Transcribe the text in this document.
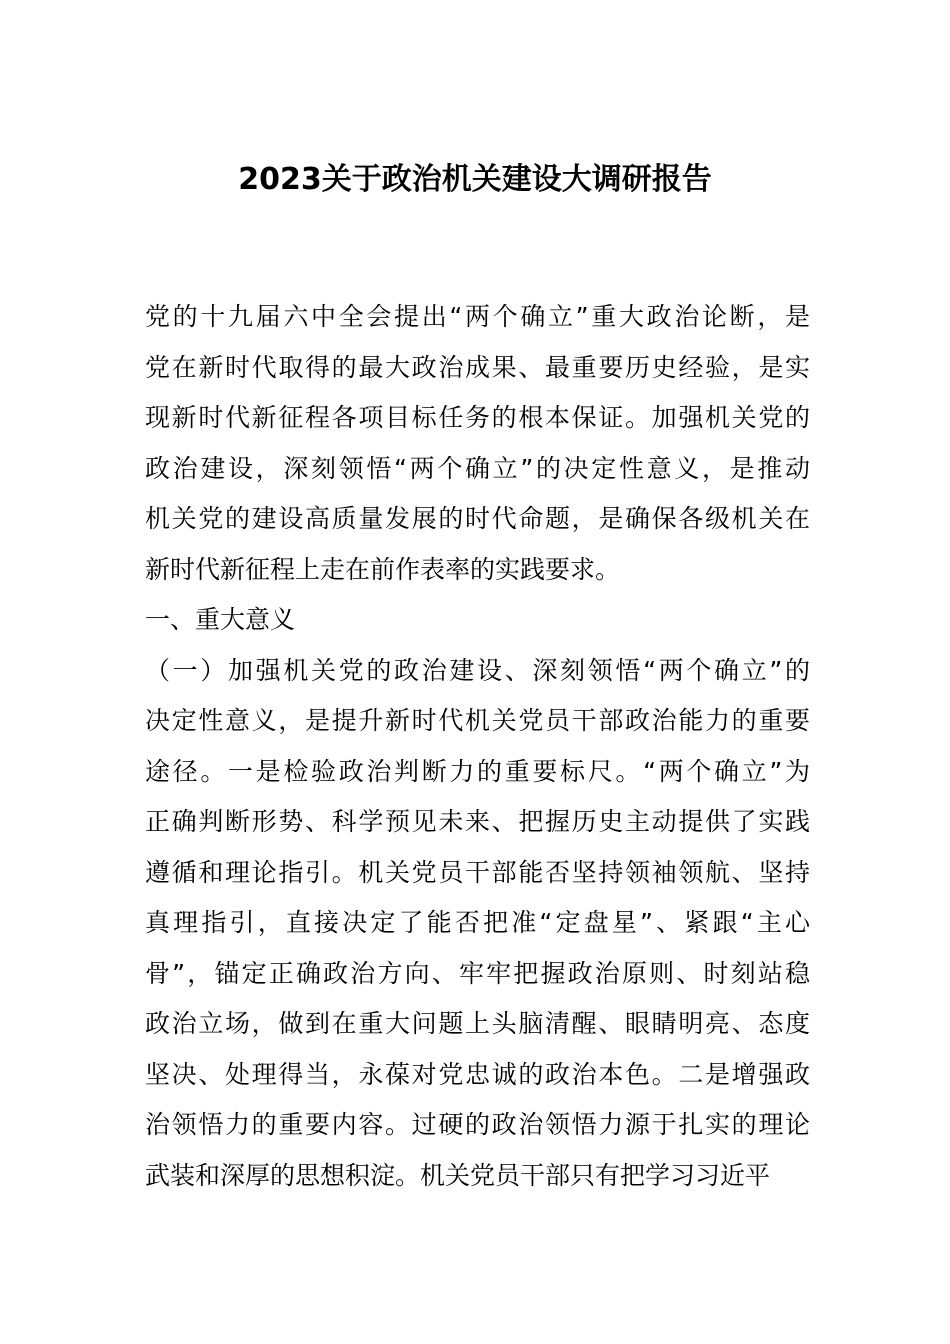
2023关于政治机关建设大调研报告
党的十九届六中全会提出“两个确立”重大政治论断，是
党在新时代取得的最大政治成果、最重要历史经验，是实
现新时代新征程各项目标任务的根本保证。加强机关党的
政治建设，深刻领悟“两个确立”的决定性意义，是推动
机关党的建设高质量发展的时代命题，是确保各级机关在
新时代新征程上走在前作表率的实践要求。
一、重大意义
（一）加强机关党的政治建设、深刻领悟“两个确立”的
决定性意义，是提升新时代机关党员干部政治能力的重要
途径。一是检验政治判断力的重要标尺。“两个确立”为
正确判断形势、科学预见未来、把握历史主动提供了实践
遵循和理论指引。机关党员干部能否坚持领袖领航、坚持
真理指引，直接决定了能否把准“定盘星”、紧跟“主心
骨”，锚定正确政治方向、牢牢把握政治原则、时刻站稳
政治立场，做到在重大问题上头脑清醒、眼睛明亮、态度
坚决、处理得当，永葆对党忠诚的政治本色。二是增强政
治领悟力的重要内容。过硬的政治领悟力源于扎实的理论
武装和深厚的思想积淀。机关党员干部只有把学习习近平
